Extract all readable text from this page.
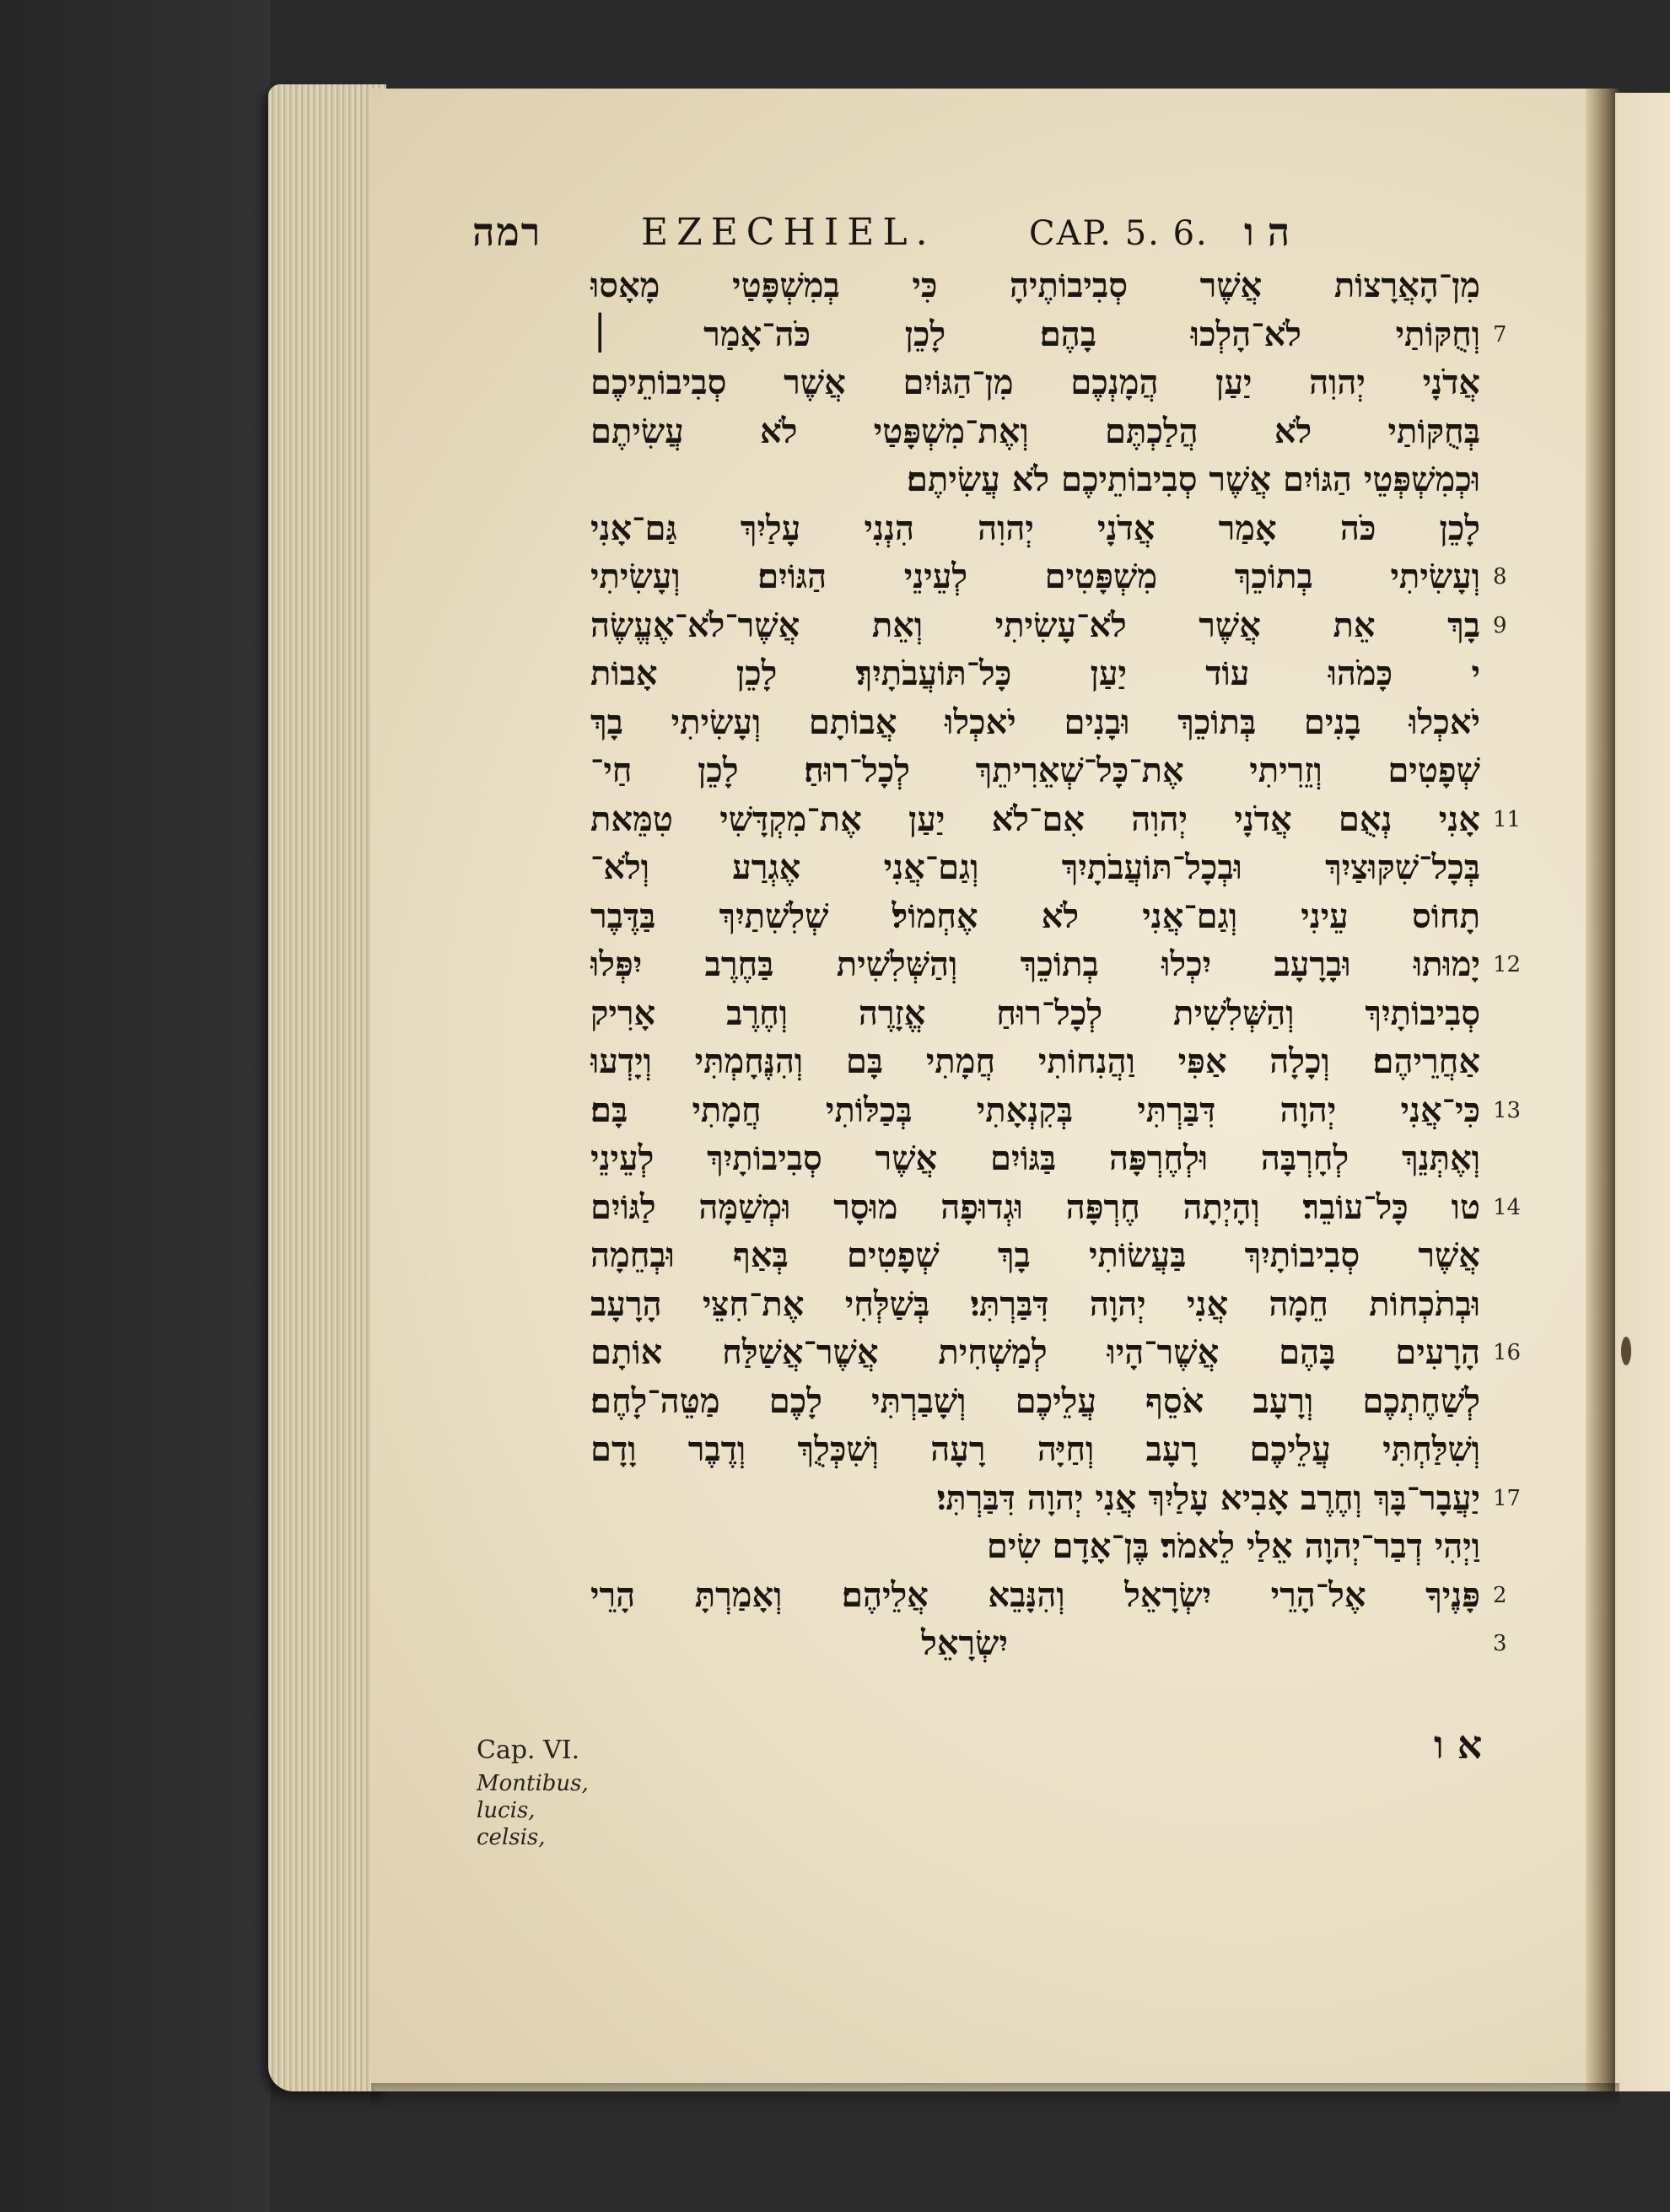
רמה	EZECHIEL.	CAP. 5. 6. ה ו
מִן־הָאֲרָצוֹת אֲשֶׁר סְבִיבוֹתֶיהָ כִּי בְמִשְׁפָּטַי מָאָסוּ
וְחֻקּוֹתַי לֹא־הָלְכוּ בָהֶם׃ לָכֵן כֹּה־אָמַר ׀
אֲדֹנָי יְהוִה יַעַן הֲמָנְכֶם מִן־הַגּוֹיִם אֲשֶׁר סְבִיבוֹתֵיכֶם
בְּחֻקּוֹתַי לֹא הֲלַכְתֶּם וְאֶת־מִשְׁפָּטַי לֹא עֲשִׂיתֶם
וּכְמִשְׁפְּטֵי הַגּוֹיִם אֲשֶׁר סְבִיבוֹתֵיכֶם לֹא עֲשִׂיתֶם׃
לָכֵן כֹּה אָמַר אֲדֹנָי יְהוִה הִנְנִי עָלַיִךְ גַּם־אָנִי
וְעָשִׂיתִי בְתוֹכֵךְ מִשְׁפָּטִים לְעֵינֵי הַגּוֹיִם׃ וְעָשִׂיתִי
בָךְ אֵת אֲשֶׁר לֹא־עָשִׂיתִי וְאֵת אֲשֶׁר־לֹא־אֶעֱשֶׂה
י כָּמֹהוּ עוֹד יַעַן כָּל־תּוֹעֲבֹתָיִךְ׃ לָכֵן אָבוֹת
יֹאכְלוּ בָנִים בְּתוֹכֵךְ וּבָנִים יֹאכְלוּ אֲבוֹתָם וְעָשִׂיתִי בָךְ
שְׁפָטִים וְזֵרִיתִי אֶת־כָּל־שְׁאֵרִיתֵךְ לְכָל־רוּחַ׃ לָכֵן חַי־
אָנִי נְאֻם אֲדֹנָי יְהוִה אִם־לֹא יַעַן אֶת־מִקְדָּשִׁי טִמֵּאת
בְּכָל־שִׁקּוּצַיִךְ וּבְכָל־תּוֹעֲבֹתָיִךְ וְגַם־אֲנִי אֶגְרַע וְלֹא־
תָחוֹס עֵינִי וְגַם־אֲנִי לֹא אֶחְמוֹל׃ שְׁלִשִׁתַיִךְ בַּדֶּבֶר
יָמוּתוּ וּבָרָעָב יִכְלוּ בְתוֹכֵךְ וְהַשְּׁלִשִׁית בַּחֶרֶב יִפְּלוּ
סְבִיבוֹתָיִךְ וְהַשְּׁלִשִׁית לְכָל־רוּחַ אֱזָרֶה וְחֶרֶב אָרִיק
אַחֲרֵיהֶם׃ וְכָלָה אַפִּי וַהֲנִחוֹתִי חֲמָתִי בָּם וְהִנֶּחָמְתִּי וְיָדְעוּ
כִּי־אֲנִי יְהוָה דִּבַּרְתִּי בְּקִנְאָתִי בְּכַלּוֹתִי חֲמָתִי בָּם׃
וְאֶתְּנֵךְ לְחָרְבָּה וּלְחֶרְפָּה בַּגּוֹיִם אֲשֶׁר סְבִיבוֹתָיִךְ לְעֵינֵי
טו כָּל־עוֹבֵר׃ וְהָיְתָה חֶרְפָּה וּגְדוּפָה מוּסָר וּמְשַׁמָּה לַגּוֹיִם
אֲשֶׁר סְבִיבוֹתָיִךְ בַּעֲשׂוֹתִי בָךְ שְׁפָטִים בְּאַף וּבְחֵמָה
וּבְתֹכְחוֹת חֵמָה אֲנִי יְהוָה דִּבַּרְתִּי׃ בְּשַׁלְּחִי אֶת־חִצֵּי הָרָעָב
הָרָעִים בָּהֶם אֲשֶׁר־הָיוּ לְמַשְׁחִית אֲשֶׁר־אֲשַׁלַּח אוֹתָם
לְשַׁחֶתְכֶם וְרָעָב אֹסֵף עֲלֵיכֶם וְשָׁבַרְתִּי לָכֶם מַטֵּה־לָחֶם׃
וְשִׁלַּחְתִּי עֲלֵיכֶם רָעָב וְחַיָּה רָעָה וְשִׁכְּלֻךְ וְדֶבֶר וָדָם
יַעֲבָר־בָּךְ וְחֶרֶב אָבִיא עָלַיִךְ אֲנִי יְהוָה דִּבַּרְתִּי׃
וַיְהִי דְבַר־יְהוָה אֵלַי לֵאמֹר׃ בֶּן־אָדָם שִׂים
פָּנֶיךָ אֶל־הָרֵי יִשְׂרָאֵל וְהִנָּבֵא אֲלֵיהֶם׃ וְאָמַרְתָּ הָרֵי
יִשְׂרָאֵל
7
8
9
11
12
13
14
16
17
2
3
Cap. VI.
Montibus, lucis, celsis,
א ו
